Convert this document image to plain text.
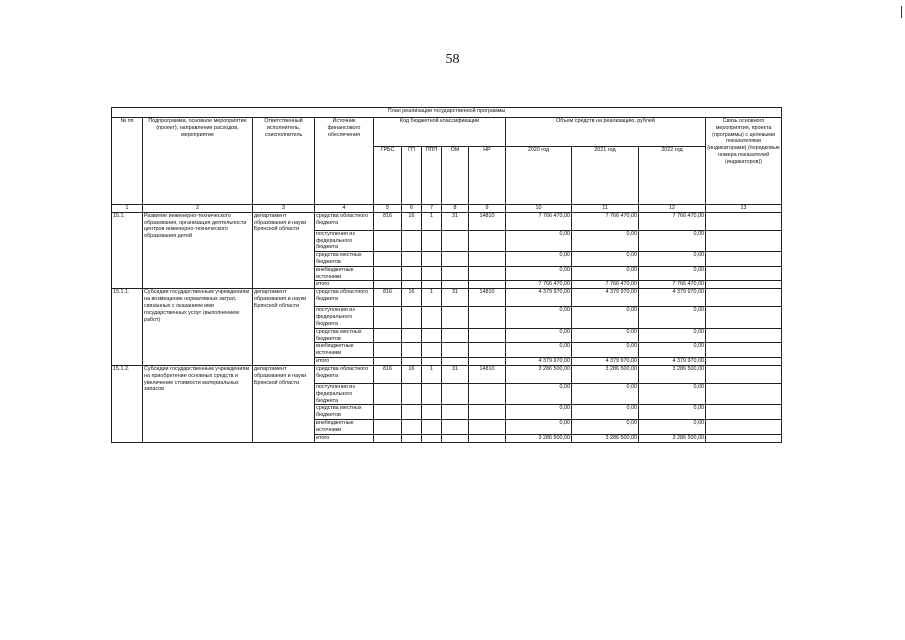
58
План реализации государственной программы												
№ пп	Подпрограмма, основное мероприятие (проект), направление расходов, мероприятие	Ответственный исполнитель, соисполнитель	Источник финансового обеспечения	Код бюджетной классификации					Объем средств на реализацию, рублей			Связь основного мероприятия, проекта (программы) с целевыми показателями (индикаторами) (порядковые номера показателей (индикаторов))
				ГРБС	ГП	ППП	ОМ	НР	2020 год	2021 год	2022 год	
1	2	3	4	5	6	7	8	9	10	11	12	13
15.1.	Развитие инженерно-технического образования, организация деятельности центров инженерно-технического образования детей	департамент образования и науки Брянской области	средства областного бюджета	816	16	1	31	14810	7 766 470,00	7 766 470,00	7 766 470,00	
			поступления из федерального бюджета						0,00	0,00	0,00	
			средства местных бюджетов						0,00	0,00	0,00	
			внебюджетные источники						0,00	0,00	0,00	
			итого						7 766 470,00	7 766 470,00	7 766 470,00	
15.1.1.	Субсидии государственным учреждениям на возмещение нормативных затрат, связанных с оказанием ими государственных услуг (выполнением работ)	департамент образования и науки Брянской области	средства областного бюджета	816	16	1	31	14810	4 379 970,00	4 379 970,00	4 379 970,00	
			поступления из федерального бюджета						0,00	0,00	0,00	
			средства местных бюджетов						0,00	0,00	0,00	
			внебюджетные источники						0,00	0,00	0,00	
			итого						4 379 970,00	4 379 970,00	4 379 970,00	
15.1.2.	Субсидии государственным учреждениям на приобретение основных средств и увеличение стоимости материальных запасов	департамент образования и науки Брянской области	средства областного бюджета	816	16	1	31	14810	3 286 500,00	3 286 500,00	3 286 500,00	
			поступления из федерального бюджета						0,00	0,00	0,00	
			средства местных бюджетов						0,00	0,00	0,00	
			внебюджетные источники						0,00	0,00	0,00	
			итого						3 286 500,00	3 286 500,00	3 286 500,00	
